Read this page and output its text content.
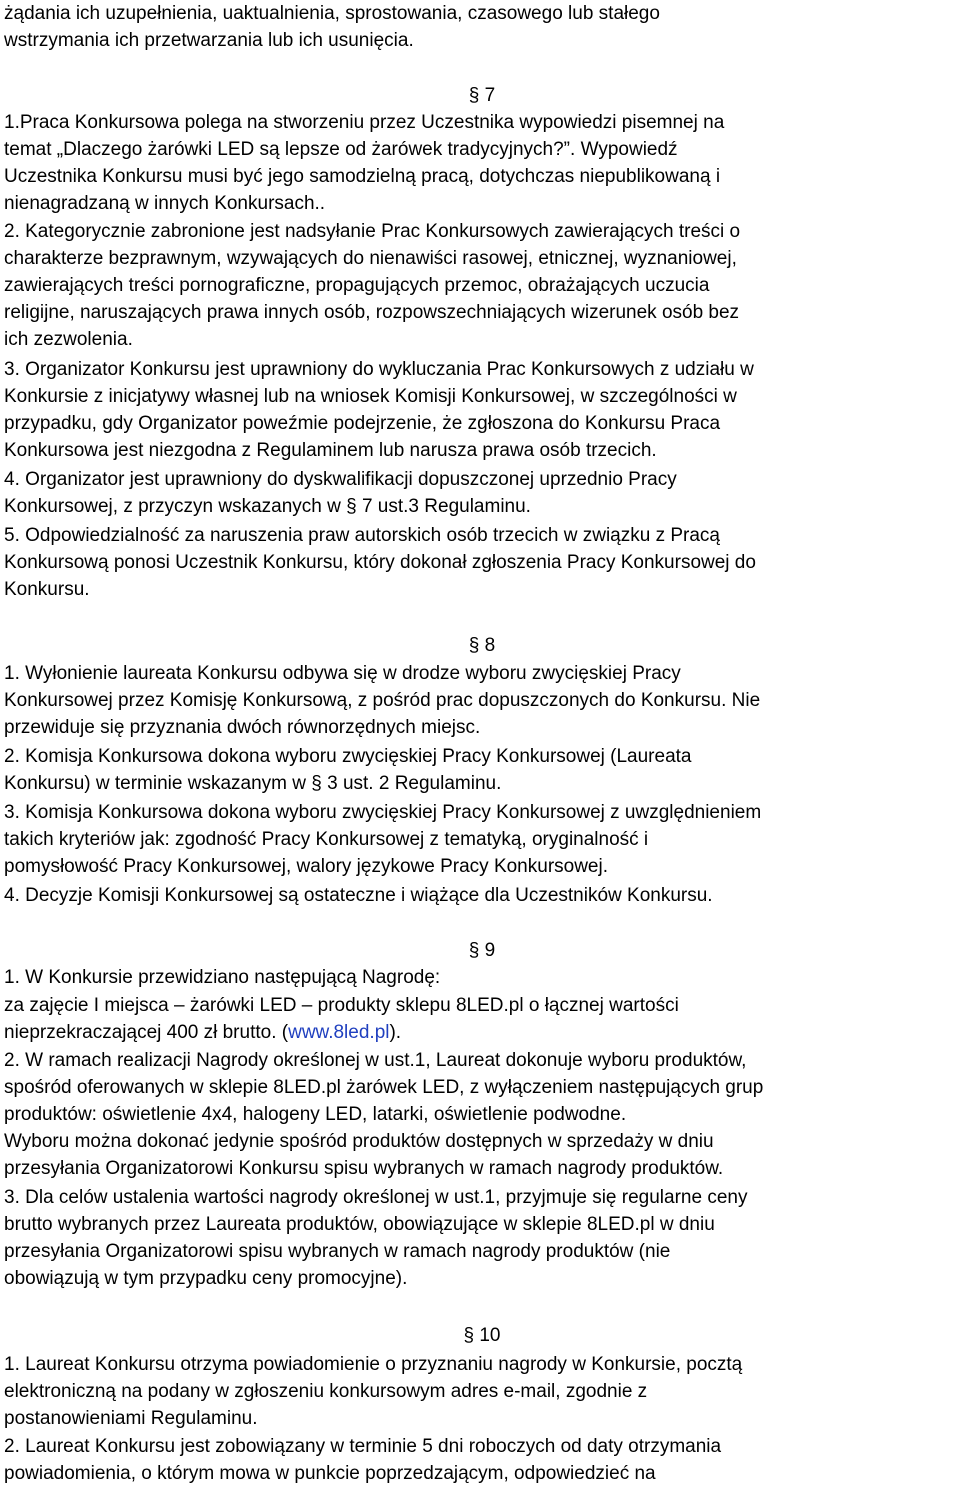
żądania ich uzupełnienia, uaktualnienia, sprostowania, czasowego lub stałego
wstrzymania ich przetwarzania lub ich usunięcia.
§ 7
1.Praca Konkursowa polega na stworzeniu przez Uczestnika wypowiedzi pisemnej na
temat „Dlaczego żarówki LED są lepsze od żarówek tradycyjnych?”. Wypowiedź
Uczestnika Konkursu musi być jego samodzielną pracą, dotychczas niepublikowaną i
nienagradzaną w innych Konkursach..
2. Kategorycznie zabronione jest nadsyłanie Prac Konkursowych zawierających treści o
charakterze bezprawnym, wzywających do nienawiści rasowej, etnicznej, wyznaniowej,
zawierających treści pornograficzne, propagujących przemoc, obrażających uczucia
religijne, naruszających prawa innych osób, rozpowszechniających wizerunek osób bez
ich zezwolenia.
3. Organizator Konkursu jest uprawniony do wykluczania Prac Konkursowych z udziału w
Konkursie z inicjatywy własnej lub na wniosek Komisji Konkursowej, w szczególności w
przypadku, gdy Organizator poweźmie podejrzenie, że zgłoszona do Konkursu Praca
Konkursowa jest niezgodna z Regulaminem lub narusza prawa osób trzecich.
4. Organizator jest uprawniony do dyskwalifikacji dopuszczonej uprzednio Pracy
Konkursowej, z przyczyn wskazanych w § 7 ust.3 Regulaminu.
5. Odpowiedzialność za naruszenia praw autorskich osób trzecich w związku z Pracą
Konkursową ponosi Uczestnik Konkursu, który dokonał zgłoszenia Pracy Konkursowej do
Konkursu.
§ 8
1. Wyłonienie laureata Konkursu odbywa się w drodze wyboru zwycięskiej Pracy
Konkursowej przez Komisję Konkursową, z pośród prac dopuszczonych do Konkursu. Nie
przewiduje się przyznania dwóch równorzędnych miejsc.
2. Komisja Konkursowa dokona wyboru zwycięskiej Pracy Konkursowej (Laureata
Konkursu) w terminie wskazanym w § 3 ust. 2 Regulaminu.
3. Komisja Konkursowa dokona wyboru zwycięskiej Pracy Konkursowej z uwzględnieniem
takich kryteriów jak: zgodność Pracy Konkursowej z tematyką, oryginalność i
pomysłowość Pracy Konkursowej, walory językowe Pracy Konkursowej.
4. Decyzje Komisji Konkursowej są ostateczne i wiążące dla Uczestników Konkursu.
§ 9
1. W Konkursie przewidziano następującą Nagrodę:
za zajęcie I miejsca – żarówki LED – produkty sklepu 8LED.pl o łącznej wartości
nieprzekraczającej 400 zł brutto. (www.8led.pl).
2. W ramach realizacji Nagrody określonej w ust.1, Laureat dokonuje wyboru produktów,
spośród oferowanych w sklepie 8LED.pl żarówek LED, z wyłączeniem następujących grup
produktów: oświetlenie 4x4, halogeny LED, latarki, oświetlenie podwodne.
Wyboru można dokonać jedynie spośród produktów dostępnych w sprzedaży w dniu
przesyłania Organizatorowi Konkursu spisu wybranych w ramach nagrody produktów.
3. Dla celów ustalenia wartości nagrody określonej w ust.1, przyjmuje się regularne ceny
brutto wybranych przez Laureata produktów, obowiązujące w sklepie 8LED.pl w dniu
przesyłania Organizatorowi spisu wybranych w ramach nagrody produktów (nie
obowiązują w tym przypadku ceny promocyjne).
§ 10
1. Laureat Konkursu otrzyma powiadomienie o przyznaniu nagrody w Konkursie, pocztą
elektroniczną na podany w zgłoszeniu konkursowym adres e-mail, zgodnie z
postanowieniami Regulaminu.
2. Laureat Konkursu jest zobowiązany w terminie 5 dni roboczych od daty otrzymania
powiadomienia, o którym mowa w punkcie poprzedzającym, odpowiedzieć na
